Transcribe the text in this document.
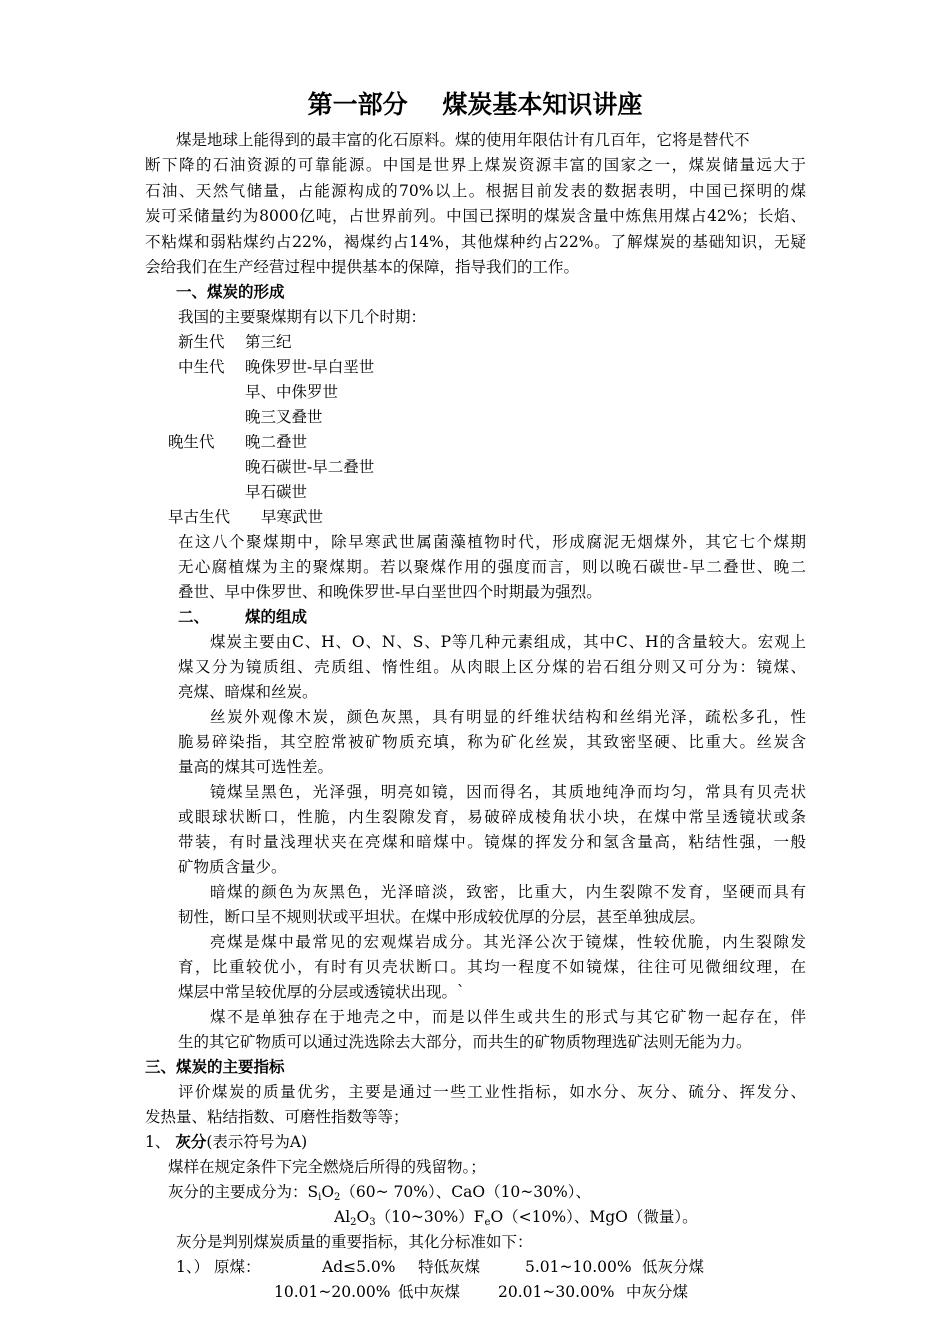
第一部分    煤炭基本知识讲座
煤是地球上能得到的最丰富的化石原料。煤的使用年限估计有几百年，它将是替代不
断下降的石油资源的可靠能源。中国是世界上煤炭资源丰富的国家之一，煤炭储量远大于
石油、天然气储量，占能源构成的70%以上。根据目前发表的数据表明，中国已探明的煤
炭可采储量约为8000亿吨，占世界前列。中国已探明的煤炭含量中炼焦用煤占42%；长焰、
不粘煤和弱粘煤约占22%，褐煤约占14%，其他煤种约占22%。了解煤炭的基础知识，无疑
会给我们在生产经营过程中提供基本的保障，指导我们的工作。
一、煤炭的形成
我国的主要聚煤期有以下几个时期：
新生代 第三纪
中生代 晚侏罗世-早白垩世
早、中侏罗世
晚三叉叠世
晚生代 晚二叠世
晚石碳世-早二叠世
早石碳世
早古生代 早寒武世
在这八个聚煤期中，除早寒武世属菌藻植物时代，形成腐泥无烟煤外，其它七个煤期
无心腐植煤为主的聚煤期。若以聚煤作用的强度而言，则以晚石碳世-早二叠世、晚二
叠世、早中侏罗世、和晚侏罗世-早白垩世四个时期最为强烈。
二、 煤的组成
煤炭主要由C、H、O、N、S、P等几种元素组成，其中C、H的含量较大。宏观上
煤又分为镜质组、壳质组、惰性组。从肉眼上区分煤的岩石组分则又可分为：镜煤、
亮煤、暗煤和丝炭。
丝炭外观像木炭，颜色灰黑，具有明显的纤维状结构和丝绢光泽，疏松多孔，性
脆易碎染指，其空腔常被矿物质充填，称为矿化丝炭，其致密坚硬、比重大。丝炭含
量高的煤其可选性差。
镜煤呈黑色，光泽强，明亮如镜，因而得名，其质地纯净而均匀，常具有贝壳状
或眼球状断口，性脆，内生裂隙发育，易破碎成棱角状小块，在煤中常呈透镜状或条
带装，有时量浅理状夹在亮煤和暗煤中。镜煤的挥发分和氢含量高，粘结性强，一般
矿物质含量少。
暗煤的颜色为灰黑色，光泽暗淡，致密，比重大，内生裂隙不发育，坚硬而具有
韧性，断口呈不规则状或平坦状。在煤中形成较优厚的分层，甚至单独成层。
亮煤是煤中最常见的宏观煤岩成分。其光泽公次于镜煤，性较优脆，内生裂隙发
育，比重较优小，有时有贝壳状断口。其均一程度不如镜煤，往往可见微细纹理，在
煤层中常呈较优厚的分层或透镜状出现。`
煤不是单独存在于地壳之中，而是以伴生或共生的形式与其它矿物一起存在，伴
生的其它矿物质可以通过洗选除去大部分，而共生的矿物质物理选矿法则无能为力。
三、煤炭的主要指标
评价煤炭的质量优劣，主要是通过一些工业性指标，如水分、灰分、硫分、挥发分、
发热量、粘结指数、可磨性指数等等；
1、 灰分(表示符号为A)
煤样在规定条件下完全燃烧后所得的残留物。；
灰分的主要成分为：$S_iO_2(60\sim$ 70%）、CaO（10~30%）、
$Al_2O_3(10\sim 30\%)F_eO(<10\%)$、MgO（微量）。
灰分是判别煤炭质量的重要指标，其化分标准如下：
1、） 原煤：	Ad≤5.0% 特低灰煤	5.01~10.00% 低灰分煤
10.01~20.00% 低中灰煤 20.01~30.00% 中灰分煤
